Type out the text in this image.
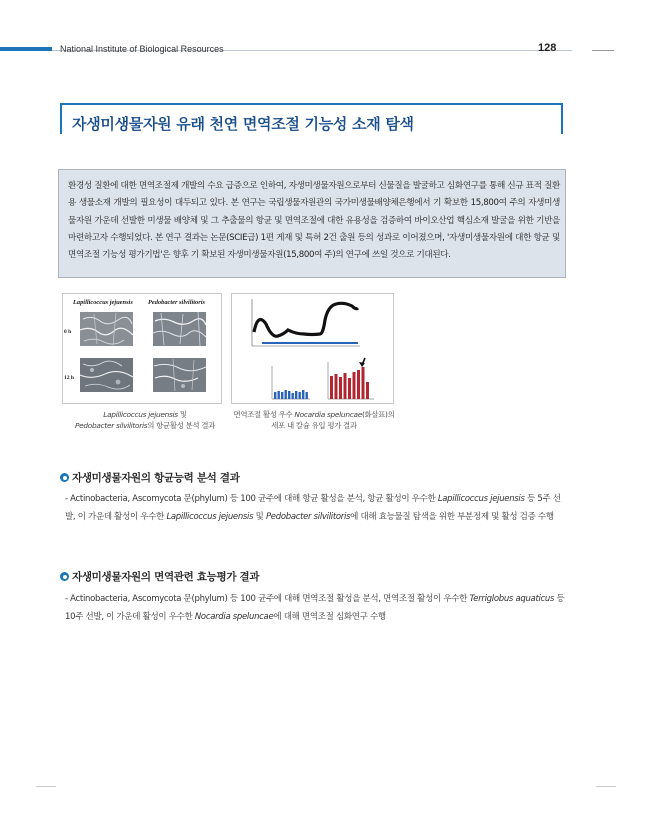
National Institute of Biological Resources	128
자생미생물자원 유래 천연 면역조절 기능성 소재 탐색
환경성 질환에 대한 면역조절제 개발의 수요 급증으로 인하여, 자생미생물자원으로부터 신물질을 발굴하고 심화연구를 통해 신규 표적 질환용 생물소재 개발의 필요성이 대두되고 있다. 본 연구는 국립생물자원관의 국가미생물배양체은행에서 기 확보한 15,800여 주의 자생미생물자원 가운데 선발한 미생물 배양체 및 그 추출물의 항균 및 면역조절에 대한 유용성을 검증하여 바이오산업 핵심소재 발굴을 위한 기반을 마련하고자 수행되었다. 본 연구 결과는 논문(SCIE급) 1편 게재 및 특허 2건 출원 등의 성과로 이어졌으며, '자생미생물자원에 대한 항균 및 면역조절 기능성 평가기법'은 향후 기 확보된 자생미생물자원(15,800여 주)의 연구에 쓰일 것으로 기대된다.
Lapillicoccus jejuensis Pedobacter silvilitoris
0 h
12 h
Lapillicoccus jejuensis 및
Pedobacter silvilitoris의 항균활성 분석 결과
면역조절 활성 우수 Nocardia speluncae(화살표)의
세포 내 칼슘 유입 평가 결과
자생미생물자원의 항균능력 분석 결과
- Actinobacteria, Ascomycota 문(phylum) 등 100 균주에 대해 항균 활성을 분석, 항균 활성이 우수한 Lapillicoccus jejuensis 등 5주 선발, 이 가운데 활성이 우수한 Lapillicoccus jejuensis 및 Pedobacter silvilitoris에 대해 효능물질 탐색을 위한 부분정제 및 활성 검증 수행
자생미생물자원의 면역관련 효능평가 결과
- Actinobacteria, Ascomycota 문(phylum) 등 100 균주에 대해 면역조절 활성을 분석, 면역조절 활성이 우수한 Terriglobus aquaticus 등 10주 선발, 이 가운데 활성이 우수한 Nocardia speluncae에 대해 면역조절 심화연구 수행
